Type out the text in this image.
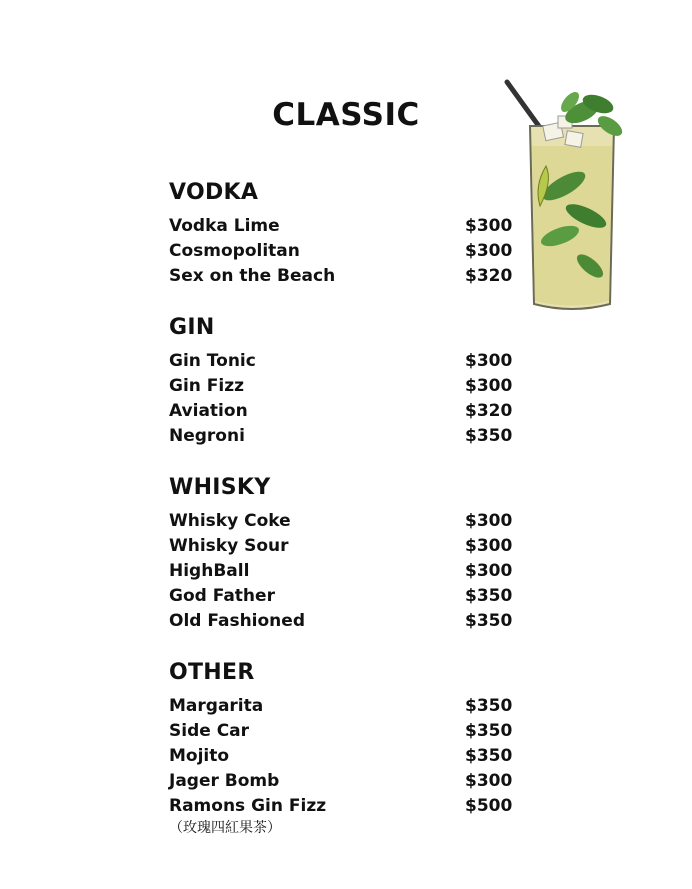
CLASSIC
VODKA
Vodka Lime	$300
Cosmopolitan	$300
Sex on the Beach	$320
GIN
Gin Tonic	$300
Gin Fizz	$300
Aviation	$320
Negroni	$350
WHISKY
Whisky Coke	$300
Whisky Sour	$300
HighBall	$300
God Father	$350
Old Fashioned	$350
OTHER
Margarita	$350
Side Car	$350
Mojito	$350
Jager Bomb	$300
Ramons Gin Fizz	$500
（玫瑰四紅果茶）
